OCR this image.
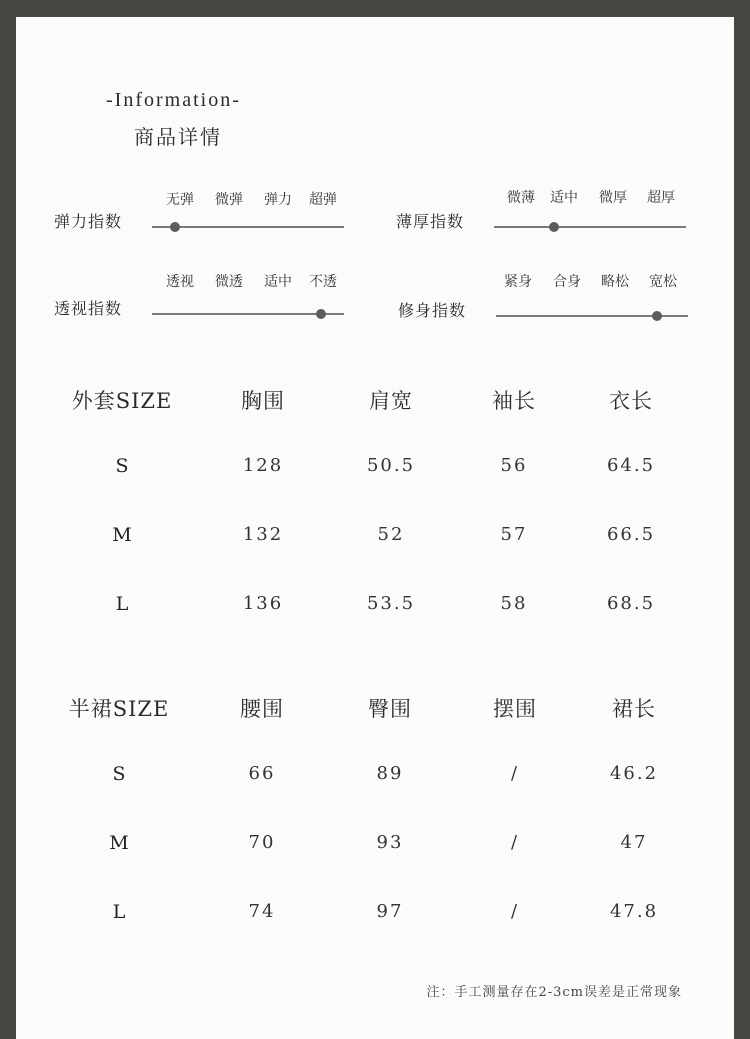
-Information-
商品详情
弹力指数
无弹 微弹 弹力 超弹
薄厚指数
微薄 适中 微厚 超厚
透视指数
透视 微透 适中 不透
修身指数
紧身 合身 略松 宽松
外套SIZE	胸围	肩宽	袖长	衣长
S	128	50.5	56	64.5
M	132	52	57	66.5
L	136	53.5	58	68.5
半裙SIZE	腰围	臀围	摆围	裙长
S	66	89	/	46.2
M	70	93	/	47
L	74	97	/	47.8
注：手工测量存在2-3cm误差是正常现象
